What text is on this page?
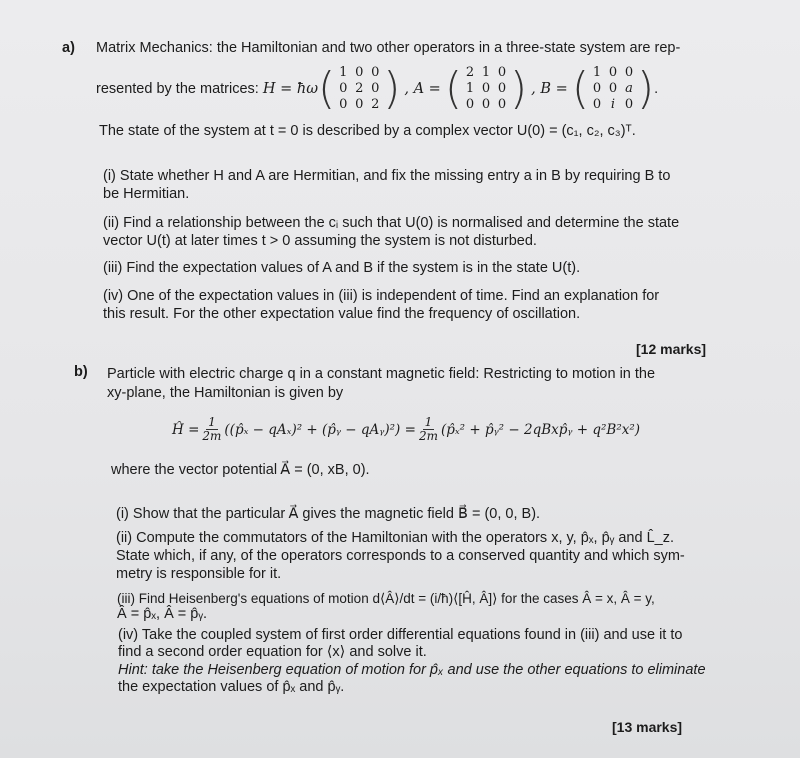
a) Matrix Mechanics: the Hamiltonian and two other operators in a three-state system are rep-
resented by the matrices:
H = ħω ( 1 0 0
0 2 0
0 0 2 ) , A = ( 2 1 0
1 0 0
0 0 0 ) , B = ( 1 0 0
0 0 a
0 i 0 ) .
The state of the system at t = 0 is described by a complex vector U(0) = (c₁, c₂, c₃)ᵀ.
(i) State whether H and A are Hermitian, and fix the missing entry a in B by requiring B to
be Hermitian.
(ii) Find a relationship between the cᵢ such that U(0) is normalised and determine the state
vector U(t) at later times t > 0 assuming the system is not disturbed.
(iii) Find the expectation values of A and B if the system is in the state U(t).
(iv) One of the expectation values in (iii) is independent of time. Find an explanation for
this result. For the other expectation value find the frequency of oscillation.
[12 marks]
b) Particle with electric charge q in a constant magnetic field: Restricting to motion in the
xy-plane, the Hamiltonian is given by
Ĥ = $\frac{1}{2m}$ ((p̂ₓ − qAₓ)² + (p̂ᵧ − qAᵧ)²) = $\frac{1}{2m}$ (p̂ₓ² + p̂ᵧ² − 2qBxp̂ᵧ + q²B²x²)
where the vector potential A⃗ = (0, xB, 0).
(i) Show that the particular A⃗ gives the magnetic field B⃗ = (0, 0, B).
(ii) Compute the commutators of the Hamiltonian with the operators x, y, p̂ₓ, p̂ᵧ and L̂_z.
State which, if any, of the operators corresponds to a conserved quantity and which sym-
metry is responsible for it.
(iii) Find Heisenberg's equations of motion d⟨Â⟩/dt = (i/ħ)⟨[Ĥ, Â]⟩ for the cases Â = x, Â = y,
Â = p̂ₓ, Â = p̂ᵧ.
(iv) Take the coupled system of first order differential equations found in (iii) and use it to
find a second order equation for ⟨x⟩ and solve it.
Hint: take the Heisenberg equation of motion for p̂ₓ and use the other equations to eliminate
the expectation values of p̂ₓ and p̂ᵧ.
[13 marks]
